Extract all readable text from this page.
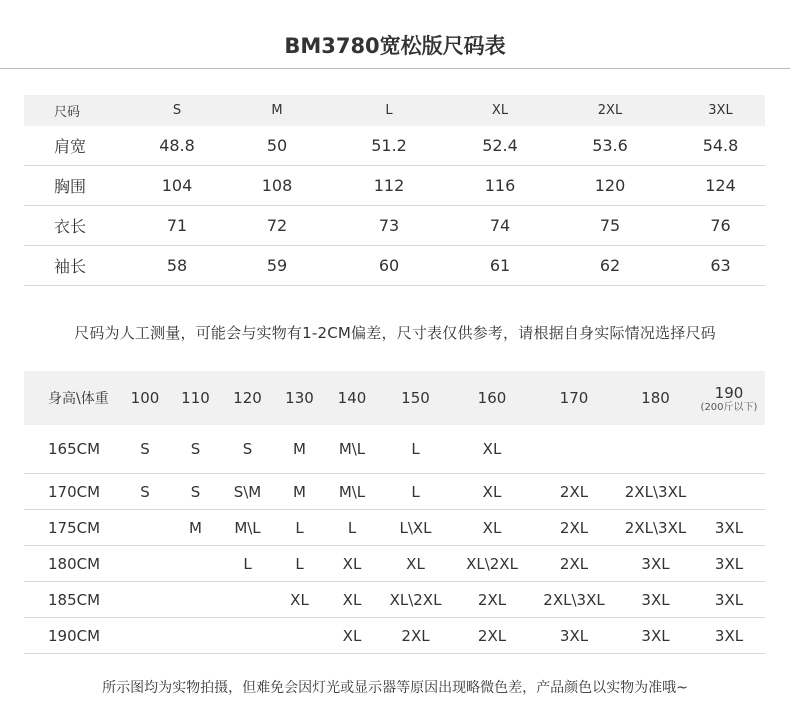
BM3780宽松版尺码表
尺码	S	M	L	XL	2XL	3XL
肩宽	48.8	50	51.2	52.4	53.6	54.8
胸围	104	108	112	116	120	124
衣长	71	72	73	74	75	76
袖长	58	59	60	61	62	63
尺码为人工测量，可能会与实物有1-2CM偏差，尺寸表仅供参考，请根据自身实际情况选择尺码
身高\体重	100	110	120	130	140	150	160	170	180	190
(200斤以下)

165CM	S	S	S	M	M\L	L	XL			
170CM	S	S	S\M	M	M\L	L	XL	2XL	2XL\3XL	
175CM		M	M\L	L	L	L\XL	XL	2XL	2XL\3XL	3XL
180CM			L	L	XL	XL	XL\2XL	2XL	3XL	3XL
185CM				XL	XL	XL\2XL	2XL	2XL\3XL	3XL	3XL
190CM					XL	2XL	2XL	3XL	3XL	3XL
所示图均为实物拍摄，但难免会因灯光或显示器等原因出现略微色差，产品颜色以实物为准哦~
